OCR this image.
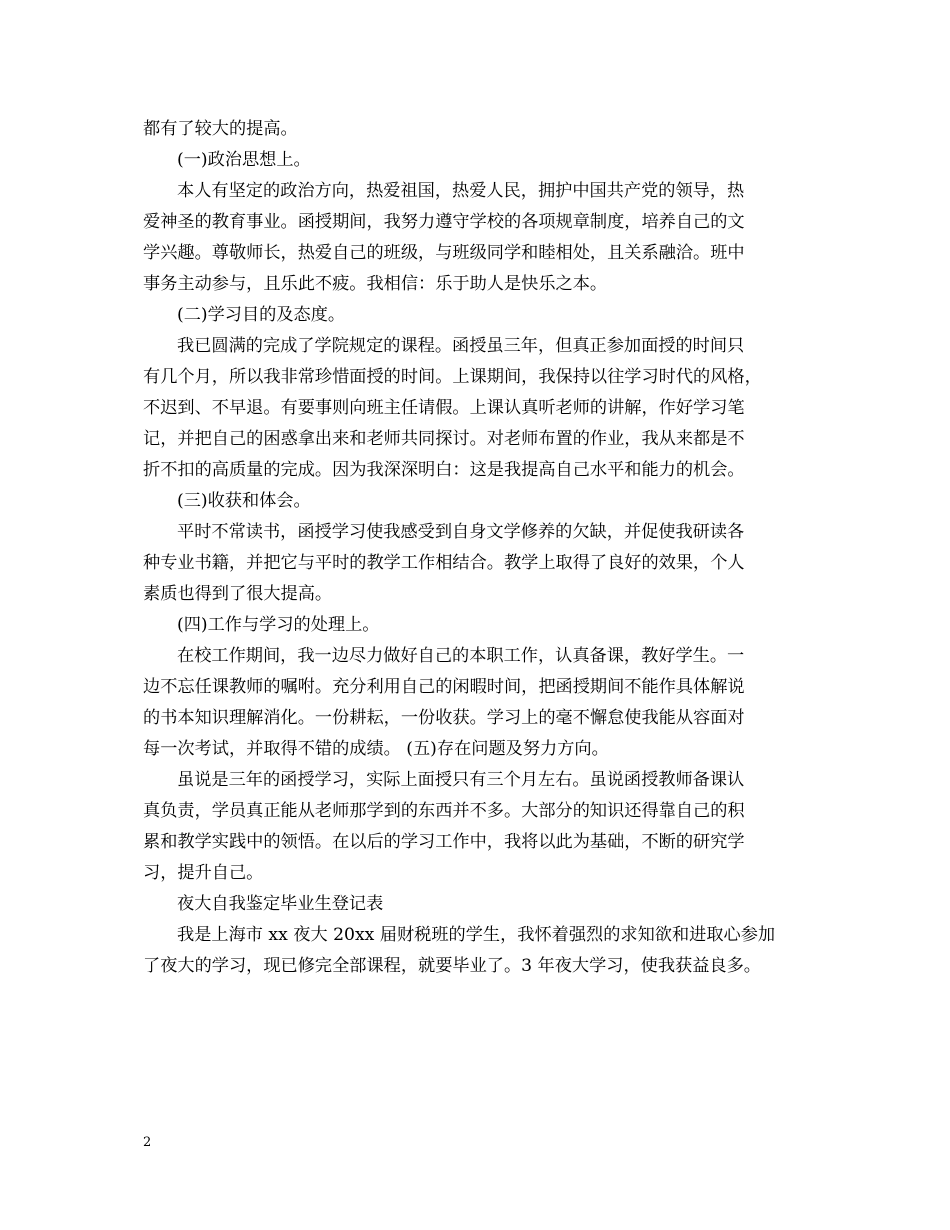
都有了较大的提高。
(一)政治思想上。
本人有坚定的政治方向，热爱祖国，热爱人民，拥护中国共产党的领导，热
爱神圣的教育事业。函授期间，我努力遵守学校的各项规章制度，培养自己的文
学兴趣。尊敬师长，热爱自己的班级，与班级同学和睦相处，且关系融洽。班中
事务主动参与，且乐此不疲。我相信：乐于助人是快乐之本。
(二)学习目的及态度。
我已圆满的完成了学院规定的课程。函授虽三年，但真正参加面授的时间只
有几个月，所以我非常珍惜面授的时间。上课期间，我保持以往学习时代的风格，
不迟到、不早退。有要事则向班主任请假。上课认真听老师的讲解，作好学习笔
记，并把自己的困惑拿出来和老师共同探讨。对老师布置的作业，我从来都是不
折不扣的高质量的完成。因为我深深明白：这是我提高自己水平和能力的机会。
(三)收获和体会。
平时不常读书，函授学习使我感受到自身文学修养的欠缺，并促使我研读各
种专业书籍，并把它与平时的教学工作相结合。教学上取得了良好的效果，个人
素质也得到了很大提高。
(四)工作与学习的处理上。
在校工作期间，我一边尽力做好自己的本职工作，认真备课，教好学生。一
边不忘任课教师的嘱咐。充分利用自己的闲暇时间，把函授期间不能作具体解说
的书本知识理解消化。一份耕耘，一份收获。学习上的毫不懈怠使我能从容面对
每一次考试，并取得不错的成绩。 (五)存在问题及努力方向。
虽说是三年的函授学习，实际上面授只有三个月左右。虽说函授教师备课认
真负责，学员真正能从老师那学到的东西并不多。大部分的知识还得靠自己的积
累和教学实践中的领悟。在以后的学习工作中，我将以此为基础，不断的研究学
习，提升自己。
夜大自我鉴定毕业生登记表
我是上海市 xx 夜大 20xx 届财税班的学生，我怀着强烈的求知欲和进取心参加
了夜大的学习，现已修完全部课程，就要毕业了。3 年夜大学习，使我获益良多。
2
